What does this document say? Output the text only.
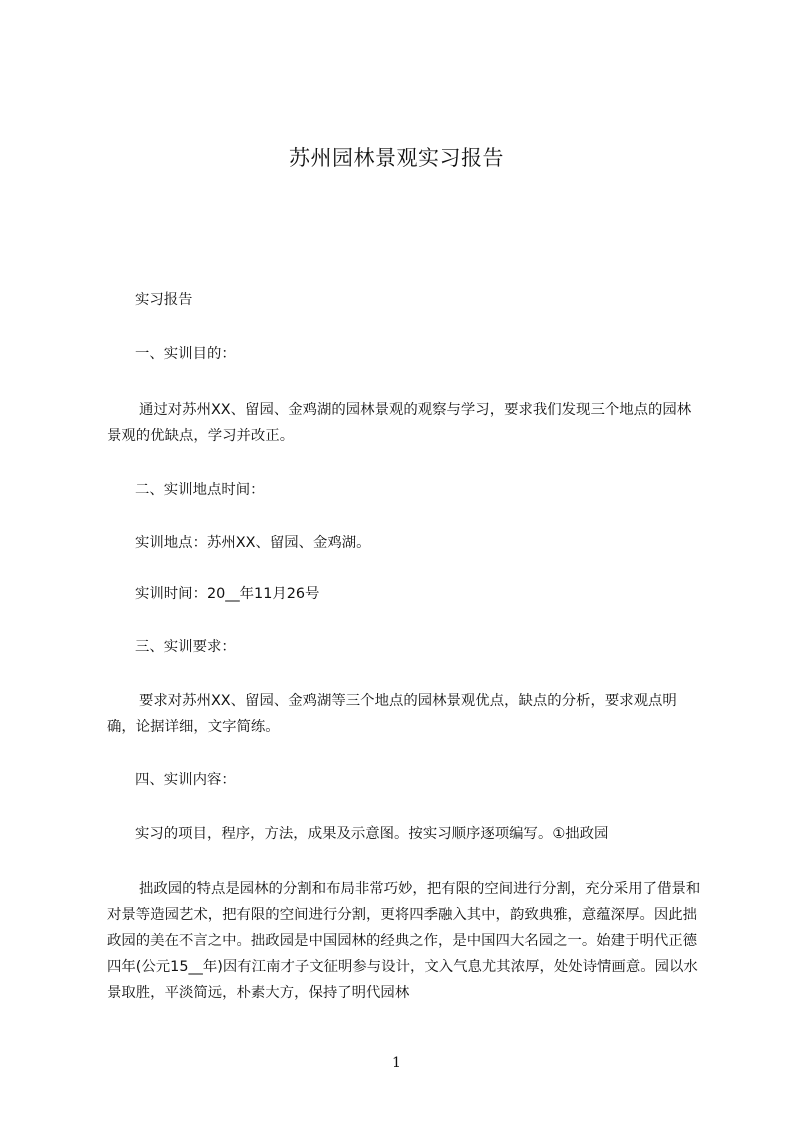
苏州园林景观实习报告

实习报告

一、实训目的：

通过对苏州XX、留园、金鸡湖的园林景观的观察与学习，要求我们发现三个地点的园林景观的优缺点，学习并改正。

二、实训地点时间：

实训地点：苏州XX、留园、金鸡湖。

实训时间：20__年11月26号

三、实训要求：

要求对苏州XX、留园、金鸡湖等三个地点的园林景观优点，缺点的分析，要求观点明确，论据详细，文字简练。

四、实训内容：

实习的项目，程序，方法，成果及示意图。按实习顺序逐项编写。①拙政园

拙政园的特点是园林的分割和布局非常巧妙，把有限的空间进行分割，充分采用了借景和对景等造园艺术，把有限的空间进行分割，更将四季融入其中，韵致典雅，意蕴深厚。因此拙政园的美在不言之中。拙政园是中国园林的经典之作，是中国四大名园之一。始建于明代正德四年(公元15__年)因有江南才子文征明参与设计，文入气息尤其浓厚，处处诗情画意。园以水景取胜，平淡简远，朴素大方，保持了明代园林

1
